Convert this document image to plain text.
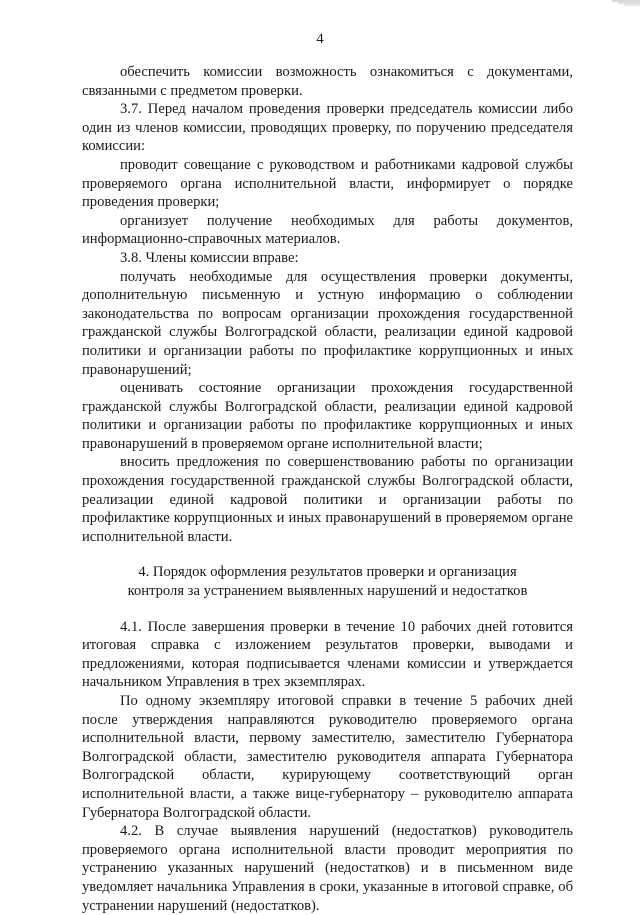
4

обеспечить комиссии возможность ознакомиться с документами, связанными с предметом проверки.

3.7. Перед началом проведения проверки председатель комиссии либо один из членов комиссии, проводящих проверку, по поручению председателя комиссии:

проводит совещание с руководством и работниками кадровой службы проверяемого органа исполнительной власти, информирует о порядке проведения проверки;

организует получение необходимых для работы документов, информационно-справочных материалов.

3.8. Члены комиссии вправе:

получать необходимые для осуществления проверки документы, дополнительную письменную и устную информацию о соблюдении законодательства по вопросам организации прохождения государственной гражданской службы Волгоградской области, реализации единой кадровой политики и организации работы по профилактике коррупционных и иных правонарушений;

оценивать состояние организации прохождения государственной гражданской службы Волгоградской области, реализации единой кадровой политики и организации работы по профилактике коррупционных и иных правонарушений в проверяемом органе исполнительной власти;

вносить предложения по совершенствованию работы по организации прохождения государственной гражданской службы Волгоградской области, реализации единой кадровой политики и организации работы по профилактике коррупционных и иных правонарушений в проверяемом органе исполнительной власти.

4. Порядок оформления результатов проверки и организация
контроля за устранением выявленных нарушений и недостатков

4.1. После завершения проверки в течение 10 рабочих дней готовится итоговая справка с изложением результатов проверки, выводами и предложениями, которая подписывается членами комиссии и утверждается начальником Управления в трех экземплярах.

По одному экземпляру итоговой справки в течение 5 рабочих дней после утверждения направляются руководителю проверяемого органа исполнительной власти, первому заместителю, заместителю Губернатора Волгоградской области, заместителю руководителя аппарата Губернатора Волгоградской области, курирующему соответствующий орган исполнительной власти, а также вице-губернатору – руководителю аппарата Губернатора Волгоградской области.

4.2. В случае выявления нарушений (недостатков) руководитель проверяемого органа исполнительной власти проводит мероприятия по устранению указанных нарушений (недостатков) и в письменном виде уведомляет начальника Управления в сроки, указанные в итоговой справке, об устранении нарушений (недостатков).
